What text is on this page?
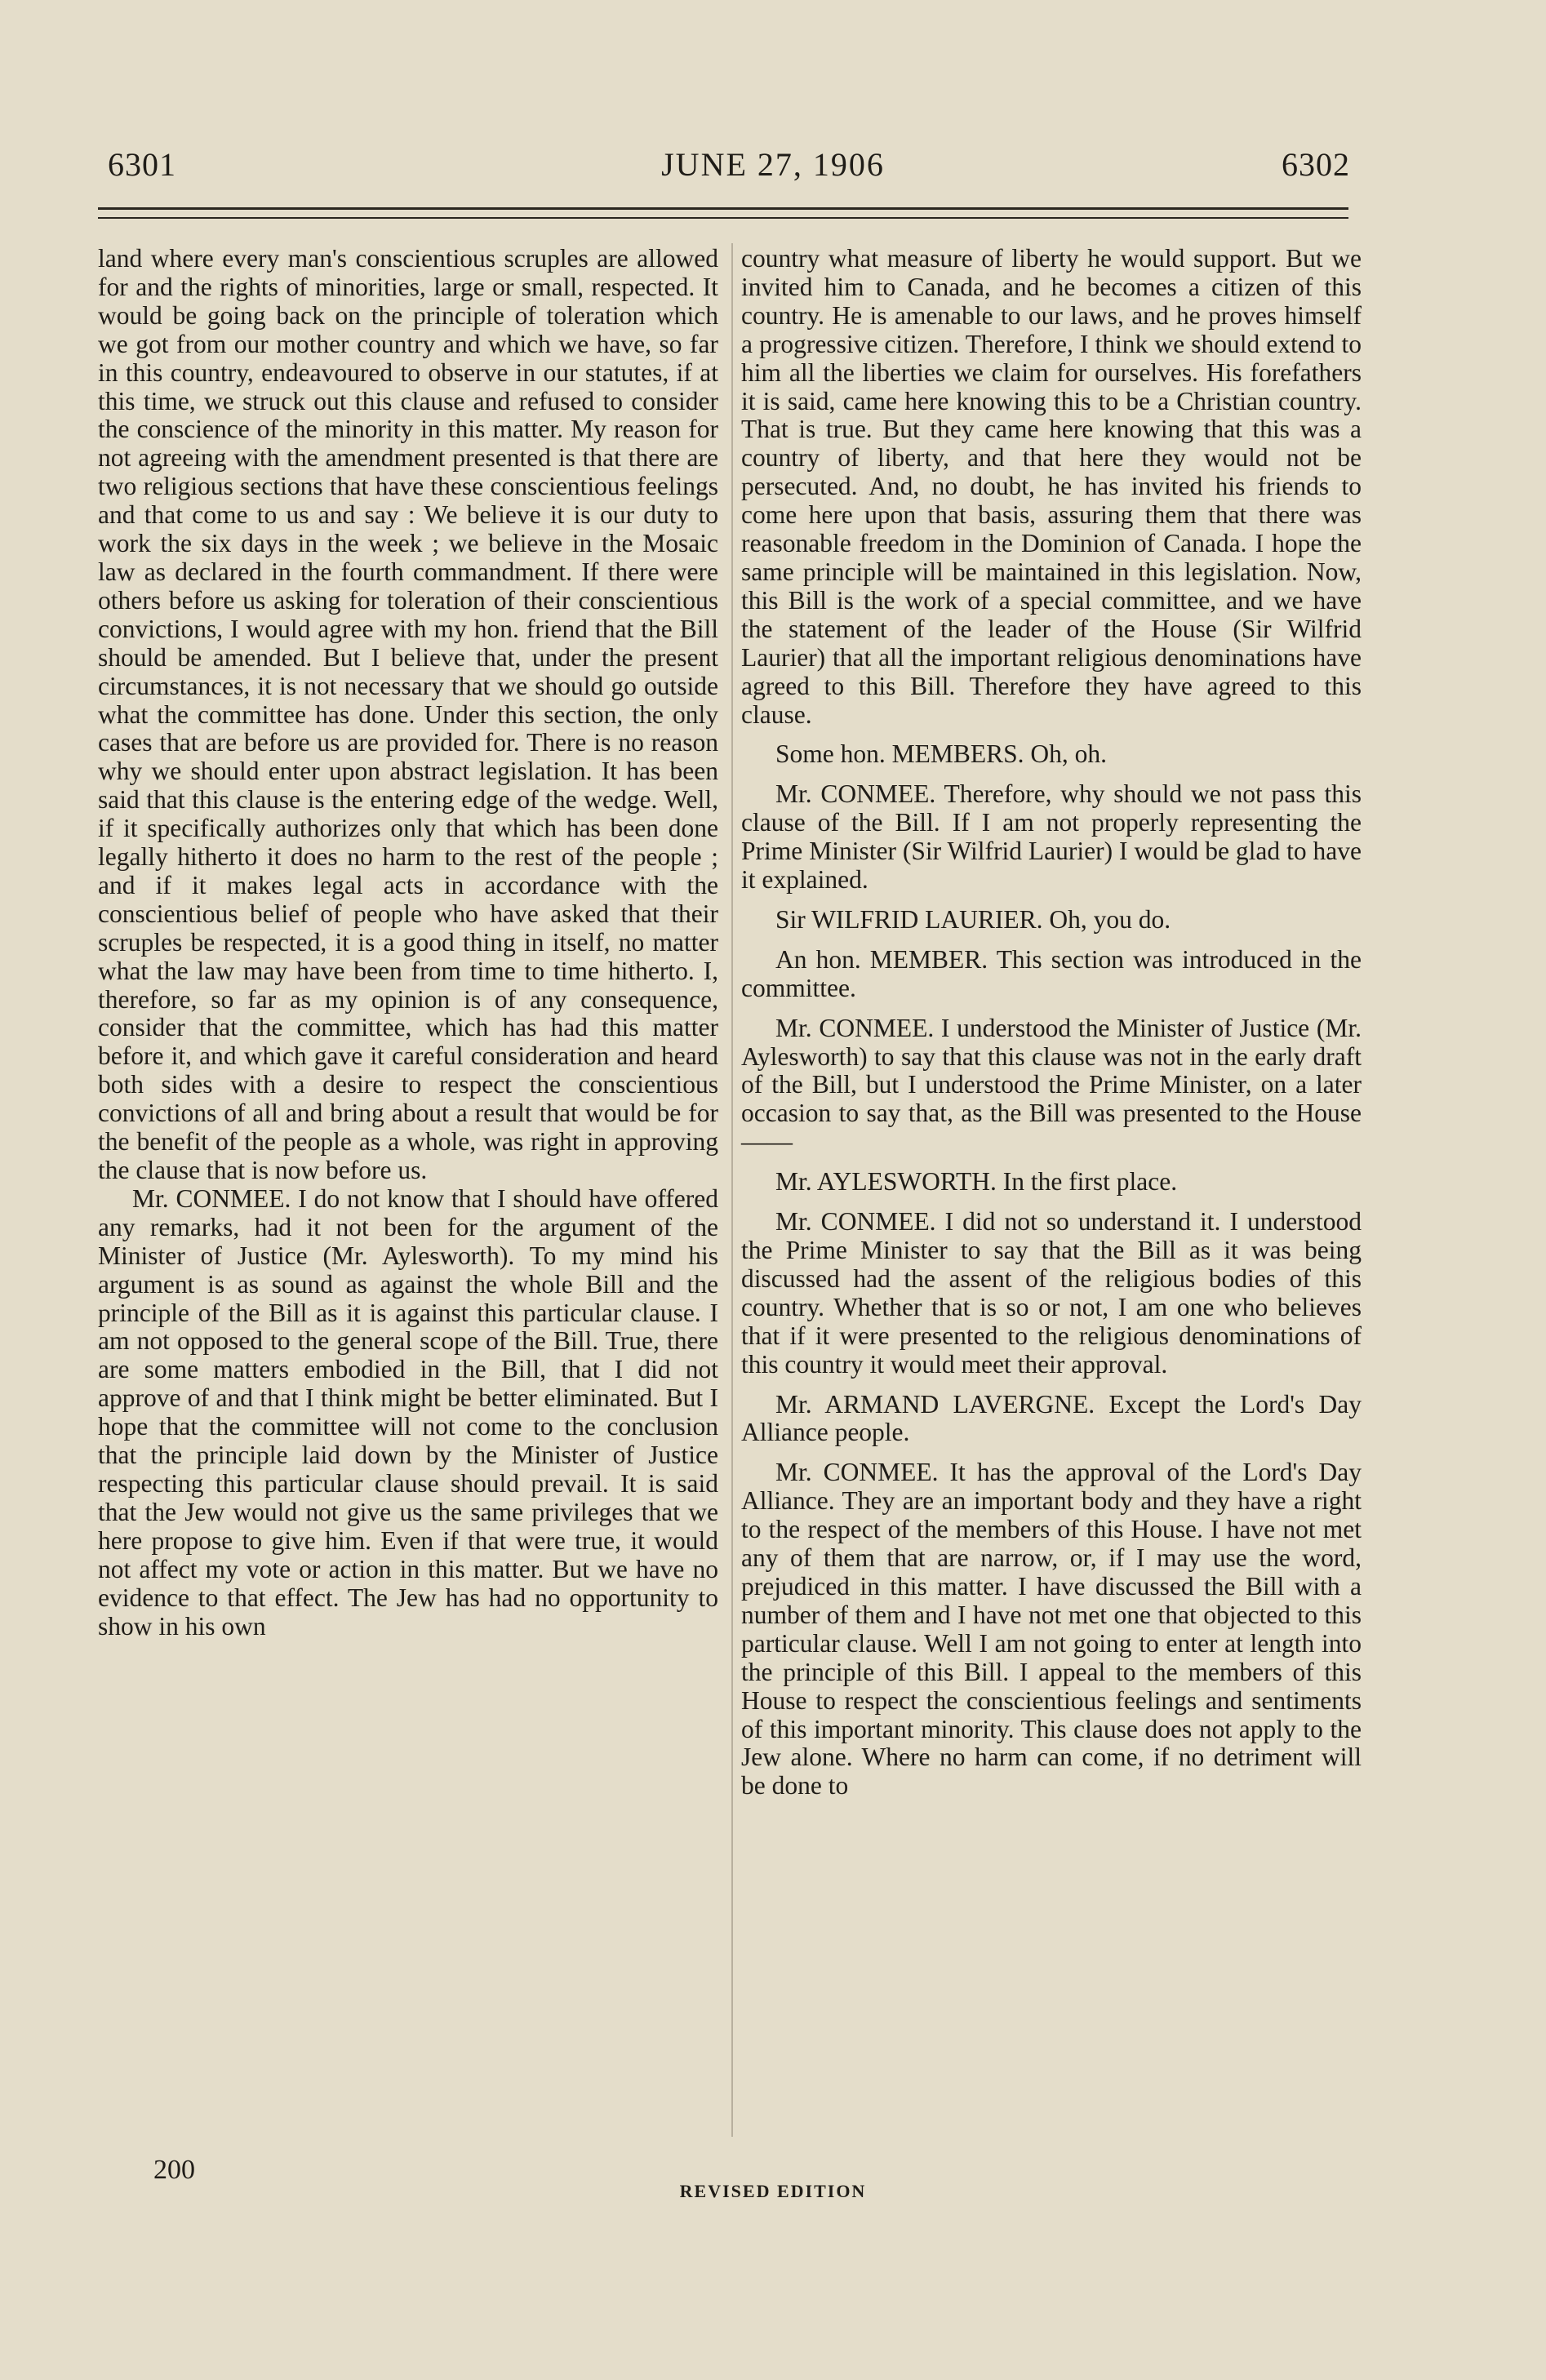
6301	JUNE 27, 1906	6302

land where every man's conscientious scruples are allowed for and the rights of minorities, large or small, respected. It would be going back on the principle of toleration which we got from our mother country and which we have, so far in this country, endeavoured to observe in our statutes, if at this time, we struck out this clause and refused to consider the conscience of the minority in this matter. My reason for not agreeing with the amendment presented is that there are two religious sections that have these conscientious feelings and that come to us and say : We believe it is our duty to work the six days in the week ; we believe in the Mosaic law as declared in the fourth commandment. If there were others before us asking for toleration of their conscientious convictions, I would agree with my hon. friend that the Bill should be amended. But I believe that, under the present circumstances, it is not necessary that we should go outside what the committee has done. Under this section, the only cases that are before us are provided for. There is no reason why we should enter upon abstract legislation. It has been said that this clause is the entering edge of the wedge. Well, if it specifically authorizes only that which has been done legally hitherto it does no harm to the rest of the people ; and if it makes legal acts in accordance with the conscientious belief of people who have asked that their scruples be respected, it is a good thing in itself, no matter what the law may have been from time to time hitherto. I, therefore, so far as my opinion is of any consequence, consider that the committee, which has had this matter before it, and which gave it careful consideration and heard both sides with a desire to respect the conscientious convictions of all and bring about a result that would be for the benefit of the people as a whole, was right in approving the clause that is now before us.

Mr. CONMEE. I do not know that I should have offered any remarks, had it not been for the argument of the Minister of Justice (Mr. Aylesworth). To my mind his argument is as sound as against the whole Bill and the principle of the Bill as it is against this particular clause. I am not opposed to the general scope of the Bill. True, there are some matters embodied in the Bill, that I did not approve of and that I think might be better eliminated. But I hope that the committee will not come to the conclusion that the principle laid down by the Minister of Justice respecting this particular clause should prevail. It is said that the Jew would not give us the same privileges that we here propose to give him. Even if that were true, it would not affect my vote or action in this matter. But we have no evidence to that effect. The Jew has had no opportunity to show in his own

country what measure of liberty he would support. But we invited him to Canada, and he becomes a citizen of this country. He is amenable to our laws, and he proves himself a progressive citizen. Therefore, I think we should extend to him all the liberties we claim for ourselves. His forefathers it is said, came here knowing this to be a Christian country. That is true. But they came here knowing that this was a country of liberty, and that here they would not be persecuted. And, no doubt, he has invited his friends to come here upon that basis, assuring them that there was reasonable freedom in the Dominion of Canada. I hope the same principle will be maintained in this legislation. Now, this Bill is the work of a special committee, and we have the statement of the leader of the House (Sir Wilfrid Laurier) that all the important religious denominations have agreed to this Bill. Therefore they have agreed to this clause.

Some hon. MEMBERS. Oh, oh.

Mr. CONMEE. Therefore, why should we not pass this clause of the Bill. If I am not properly representing the Prime Minister (Sir Wilfrid Laurier) I would be glad to have it explained.

Sir WILFRID LAURIER. Oh, you do.

An hon. MEMBER. This section was introduced in the committee.

Mr. CONMEE. I understood the Minister of Justice (Mr. Aylesworth) to say that this clause was not in the early draft of the Bill, but I understood the Prime Minister, on a later occasion to say that, as the Bill was presented to the House——

Mr. AYLESWORTH. In the first place.

Mr. CONMEE. I did not so understand it. I understood the Prime Minister to say that the Bill as it was being discussed had the assent of the religious bodies of this country. Whether that is so or not, I am one who believes that if it were presented to the religious denominations of this country it would meet their approval.

Mr. ARMAND LAVERGNE. Except the Lord's Day Alliance people.

Mr. CONMEE. It has the approval of the Lord's Day Alliance. They are an important body and they have a right to the respect of the members of this House. I have not met any of them that are narrow, or, if I may use the word, prejudiced in this matter. I have discussed the Bill with a number of them and I have not met one that objected to this particular clause. Well I am not going to enter at length into the principle of this Bill. I appeal to the members of this House to respect the conscientious feelings and sentiments of this important minority. This clause does not apply to the Jew alone. Where no harm can come, if no detriment will be done to

200
REVISED EDITION
